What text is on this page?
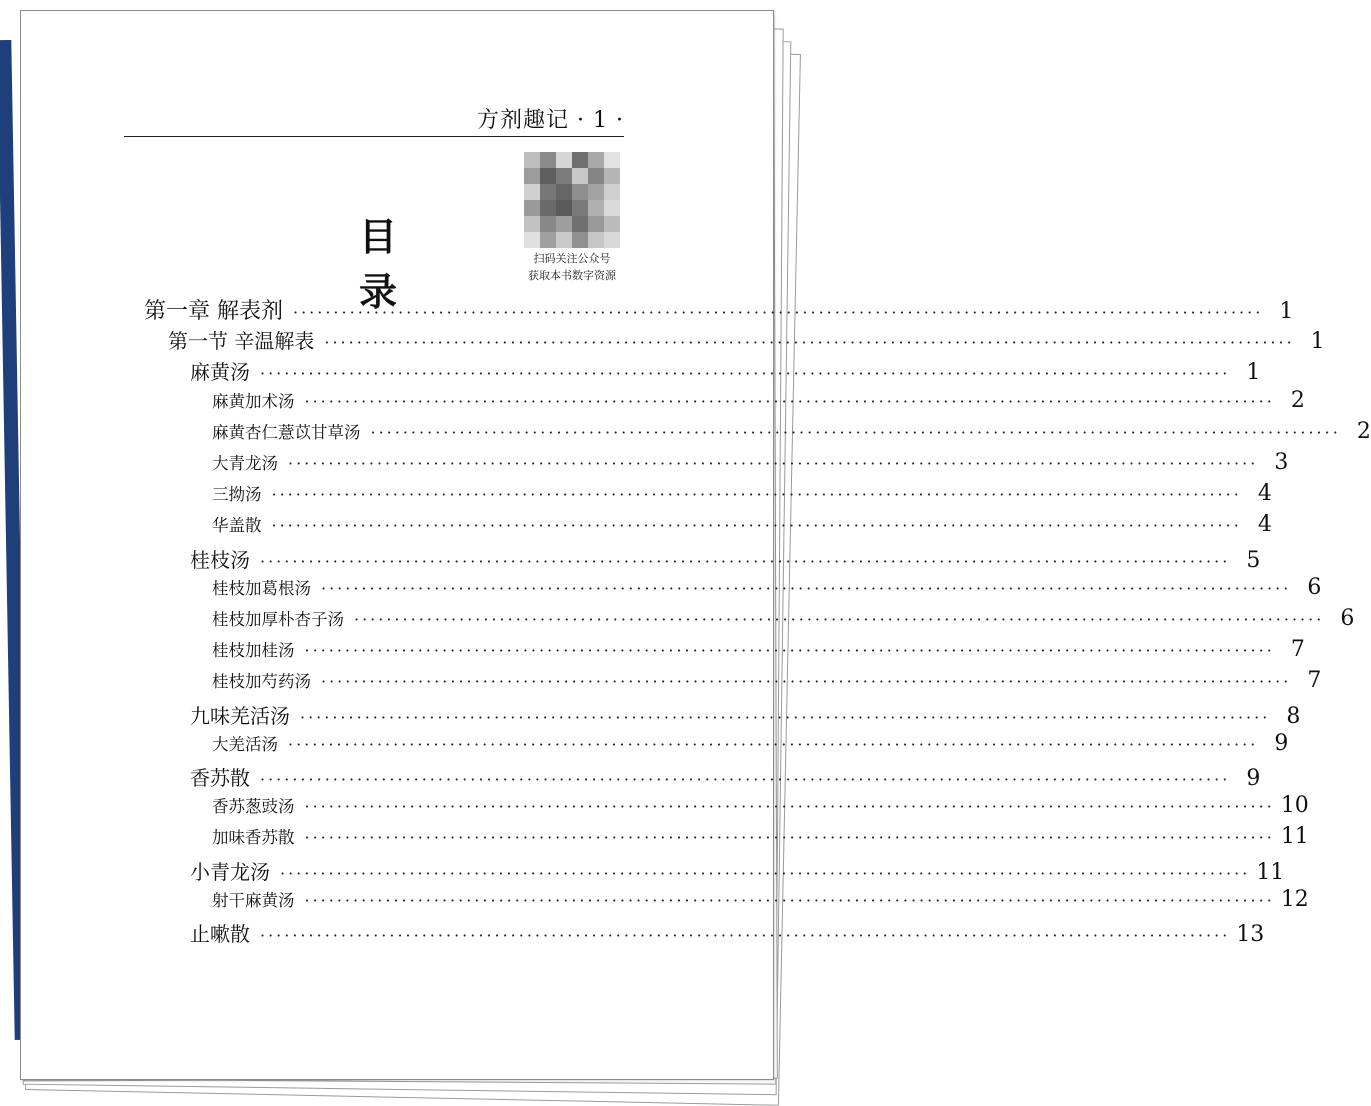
方剂趣记 · 1 ·
扫码关注公众号
获取本书数字资源
目 录
第一章 解表剂 ························································································································ 1
第一节 辛温解表 ························································································································ 1
麻黄汤 ························································································································ 1
麻黄加术汤 ························································································································ 2
麻黄杏仁薏苡甘草汤 ························································································································ 2
大青龙汤 ························································································································ 3
三拗汤 ························································································································ 4
华盖散 ························································································································ 4
桂枝汤 ························································································································ 5
桂枝加葛根汤 ························································································································ 6
桂枝加厚朴杏子汤 ························································································································ 6
桂枝加桂汤 ························································································································ 7
桂枝加芍药汤 ························································································································ 7
九味羌活汤 ························································································································ 8
大羌活汤 ························································································································ 9
香苏散 ························································································································ 9
香苏葱豉汤 ························································································································ 10
加味香苏散 ························································································································ 11
小青龙汤 ························································································································ 11
射干麻黄汤 ························································································································ 12
止嗽散 ························································································································ 13
